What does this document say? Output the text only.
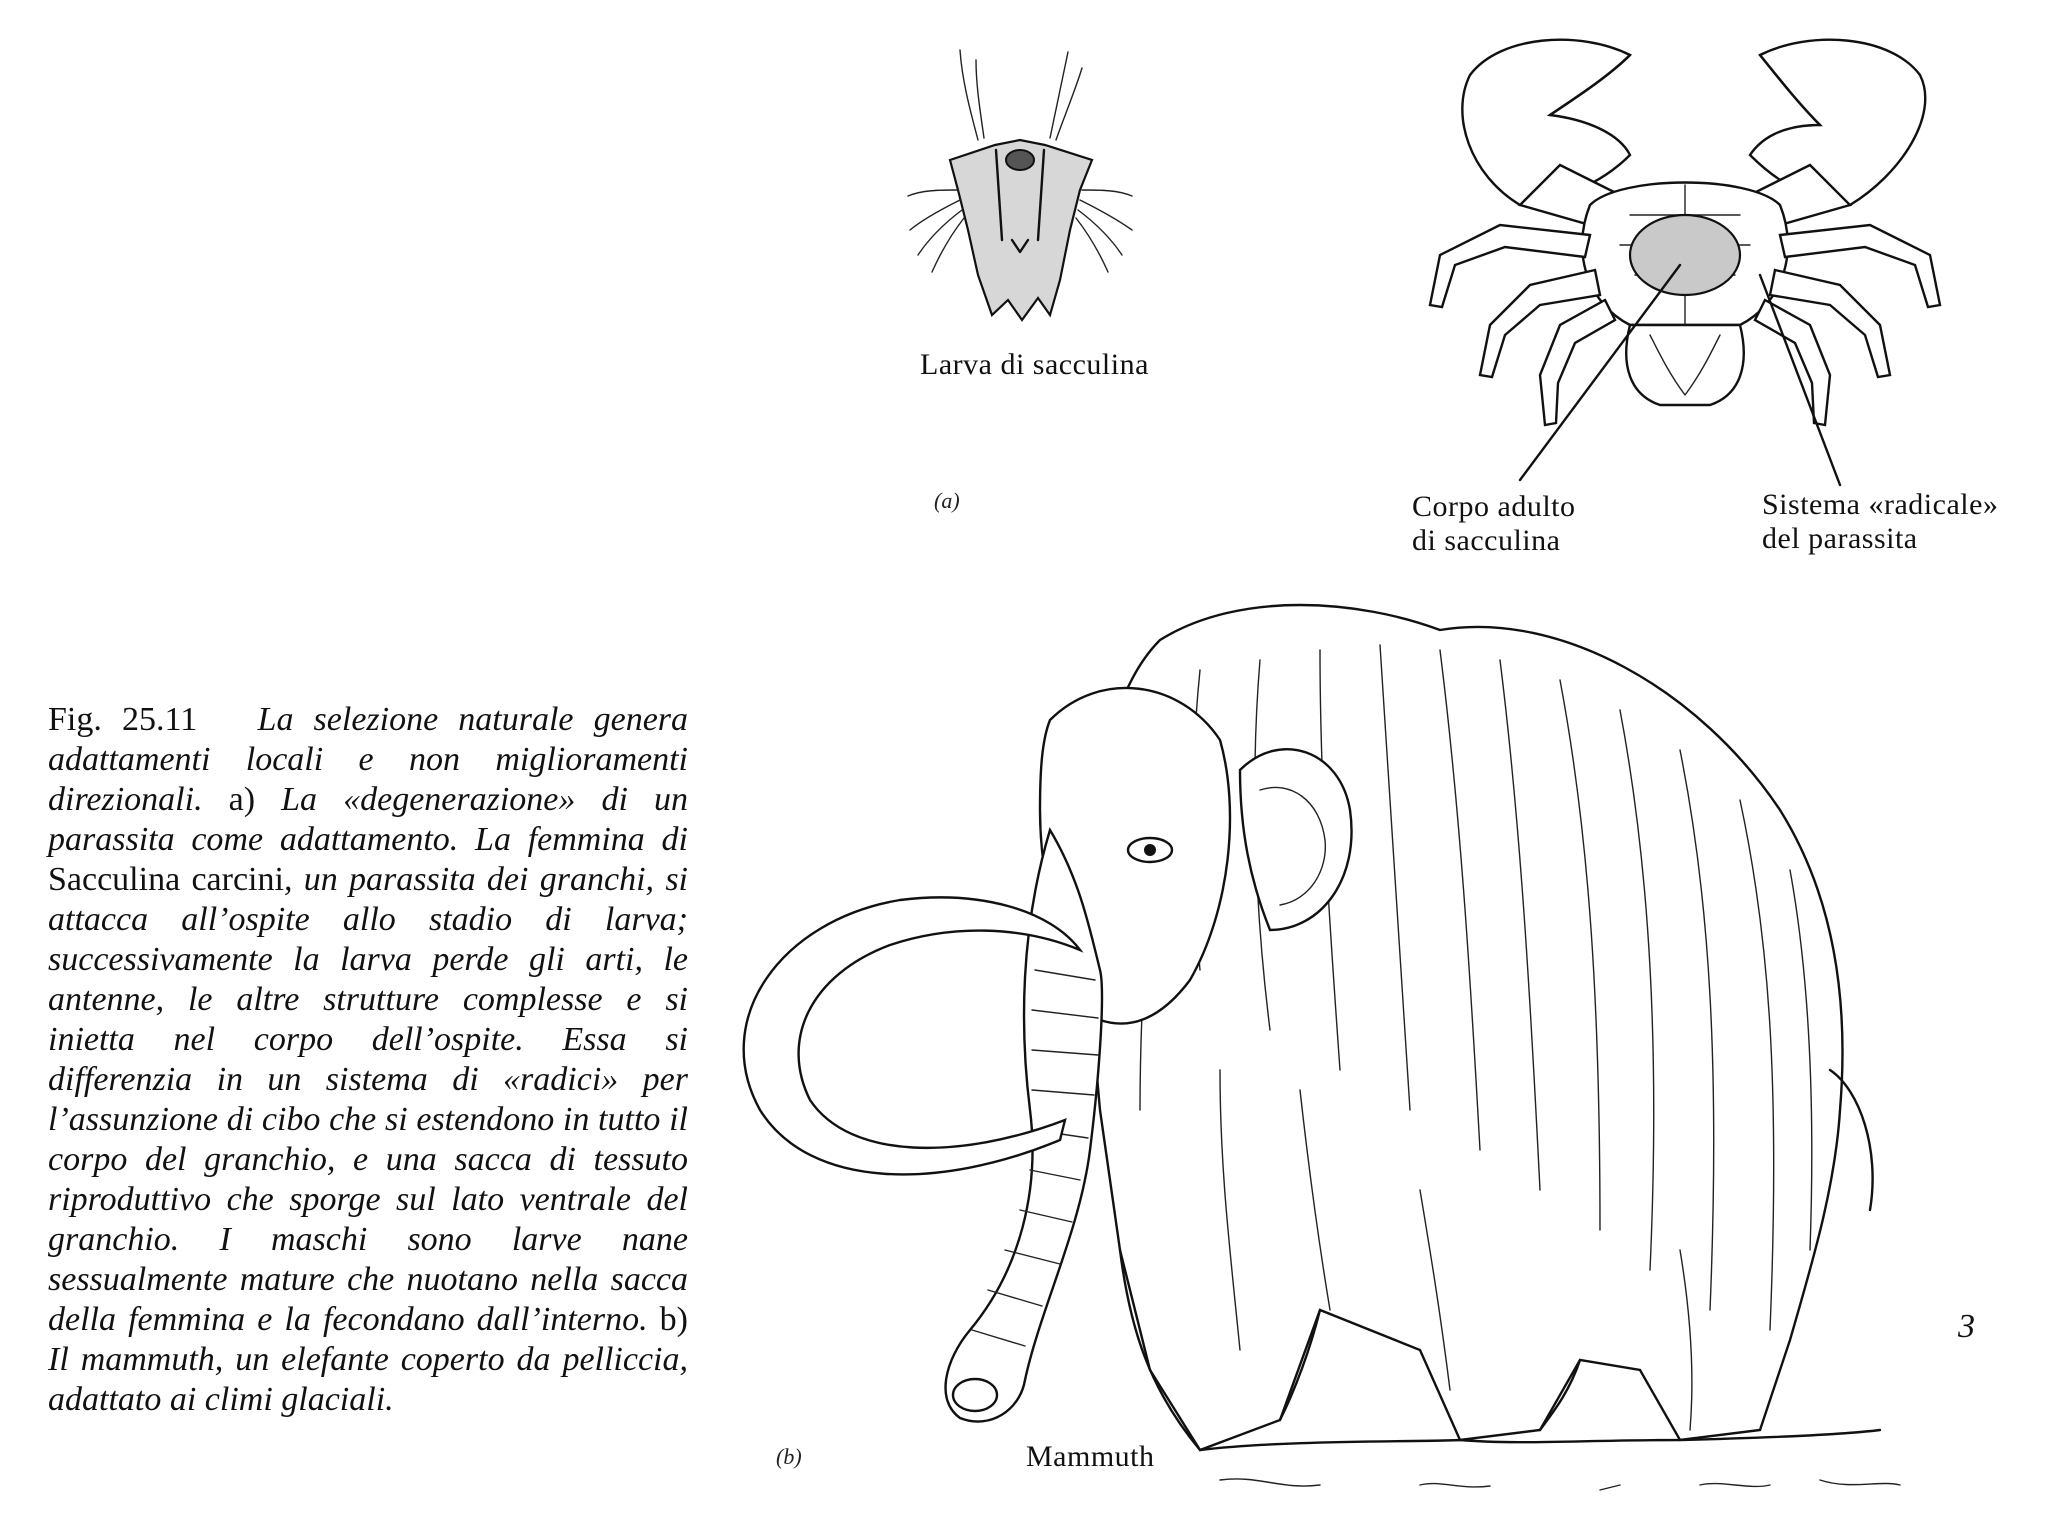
Larva di sacculina
Corpo adulto
di sacculina
Sistema «radicale»
del parassita
(a)
3
(b)	Mammuth
Fig. 25.11 La selezione naturale genera adattamenti locali e non miglioramenti direzionali. a) La «degenerazione» di un parassita come adattamento. La femmina di Sacculina carcini, un parassita dei granchi, si attacca all’ospite allo stadio di larva; successivamente la larva perde gli arti, le antenne, le altre strutture complesse e si inietta nel corpo dell’ospite. Essa si differenzia in un sistema di «radici» per l’assunzione di cibo che si estendono in tutto il corpo del granchio, e una sacca di tessuto riproduttivo che sporge sul lato ventrale del granchio. I maschi sono larve nane sessualmente mature che nuotano nella sacca della femmina e la fecondano dall’interno. b) Il mammuth, un elefante coperto da pelliccia, adattato ai climi glaciali.
